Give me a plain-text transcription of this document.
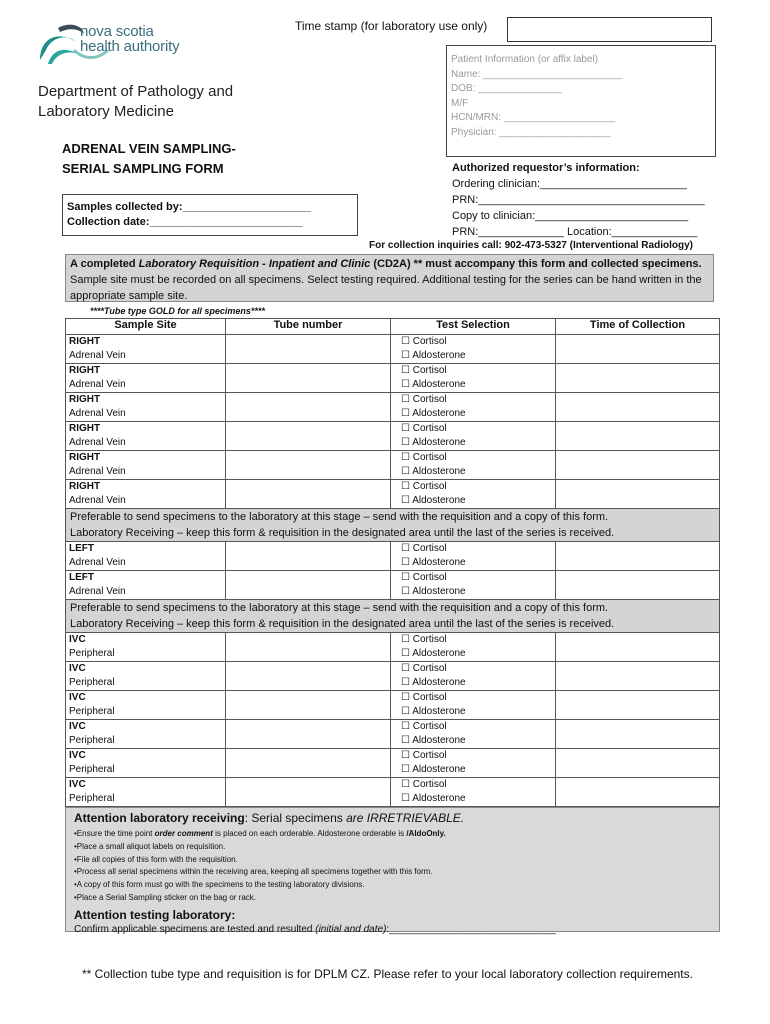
nova scotia
health authority
Department of Pathology and
Laboratory Medicine
Time stamp (for laboratory use only)
Patient Information (or affix label)
Name: _________________________
DOB: _______________
M/F
HCN/MRN: ____________________
Physician: ____________________
ADRENAL VEIN SAMPLING-
SERIAL SAMPLING FORM
Samples collected by:_____________________
Collection date:_________________________
Authorized requestor’s information:
Ordering clinician:________________________
PRN:_____________________________________
Copy to clinician:_________________________
PRN:______________ Location:______________
For collection inquiries call: 902-473-5327 (Interventional Radiology)
A completed Laboratory Requisition - Inpatient and Clinic (CD2A) ** must accompany this form and collected specimens.
Sample site must be recorded on all specimens. Select testing required. Additional testing for the series can be hand written in the appropriate sample site.
****Tube type GOLD for all specimens****
Sample Site	Tube number	Test Selection	Time of Collection
RIGHT
Adrenal Vein		☐ Cortisol
☐ Aldosterone	
RIGHT
Adrenal Vein		☐ Cortisol
☐ Aldosterone	
RIGHT
Adrenal Vein		☐ Cortisol
☐ Aldosterone	
RIGHT
Adrenal Vein		☐ Cortisol
☐ Aldosterone	
RIGHT
Adrenal Vein		☐ Cortisol
☐ Aldosterone	
RIGHT
Adrenal Vein		☐ Cortisol
☐ Aldosterone	

Preferable to send specimens to the laboratory at this stage – send with the requisition and a copy of this form.
Laboratory Receiving – keep this form & requisition in the designated area until the last of the series is received.			

LEFT
Adrenal Vein		☐ Cortisol
☐ Aldosterone	
LEFT
Adrenal Vein		☐ Cortisol
☐ Aldosterone	

Preferable to send specimens to the laboratory at this stage – send with the requisition and a copy of this form.
Laboratory Receiving – keep this form & requisition in the designated area until the last of the series is received.			

IVC
Peripheral		☐ Cortisol
☐ Aldosterone	
IVC
Peripheral		☐ Cortisol
☐ Aldosterone	
IVC
Peripheral		☐ Cortisol
☐ Aldosterone	
IVC
Peripheral		☐ Cortisol
☐ Aldosterone	
IVC
Peripheral		☐ Cortisol
☐ Aldosterone	
IVC
Peripheral		☐ Cortisol
☐ Aldosterone	
Attention laboratory receiving: Serial specimens are IRRETRIEVABLE.
•Ensure the time point order comment is placed on each orderable. Aldosterone orderable is /AldoOnly.
•Place a small aliquot labels on requisition.
•File all copies of this form with the requisition.
•Process all serial specimens within the receiving area, keeping all specimens together with this form.
•A copy of this form must go with the specimens to the testing laboratory divisions.
•Place a Serial Sampling sticker on the bag or rack.
Attention testing laboratory:
Confirm applicable specimens are tested and resulted (initial and date):______________________________
** Collection tube type and requisition is for DPLM CZ. Please refer to your local laboratory collection requirements.
